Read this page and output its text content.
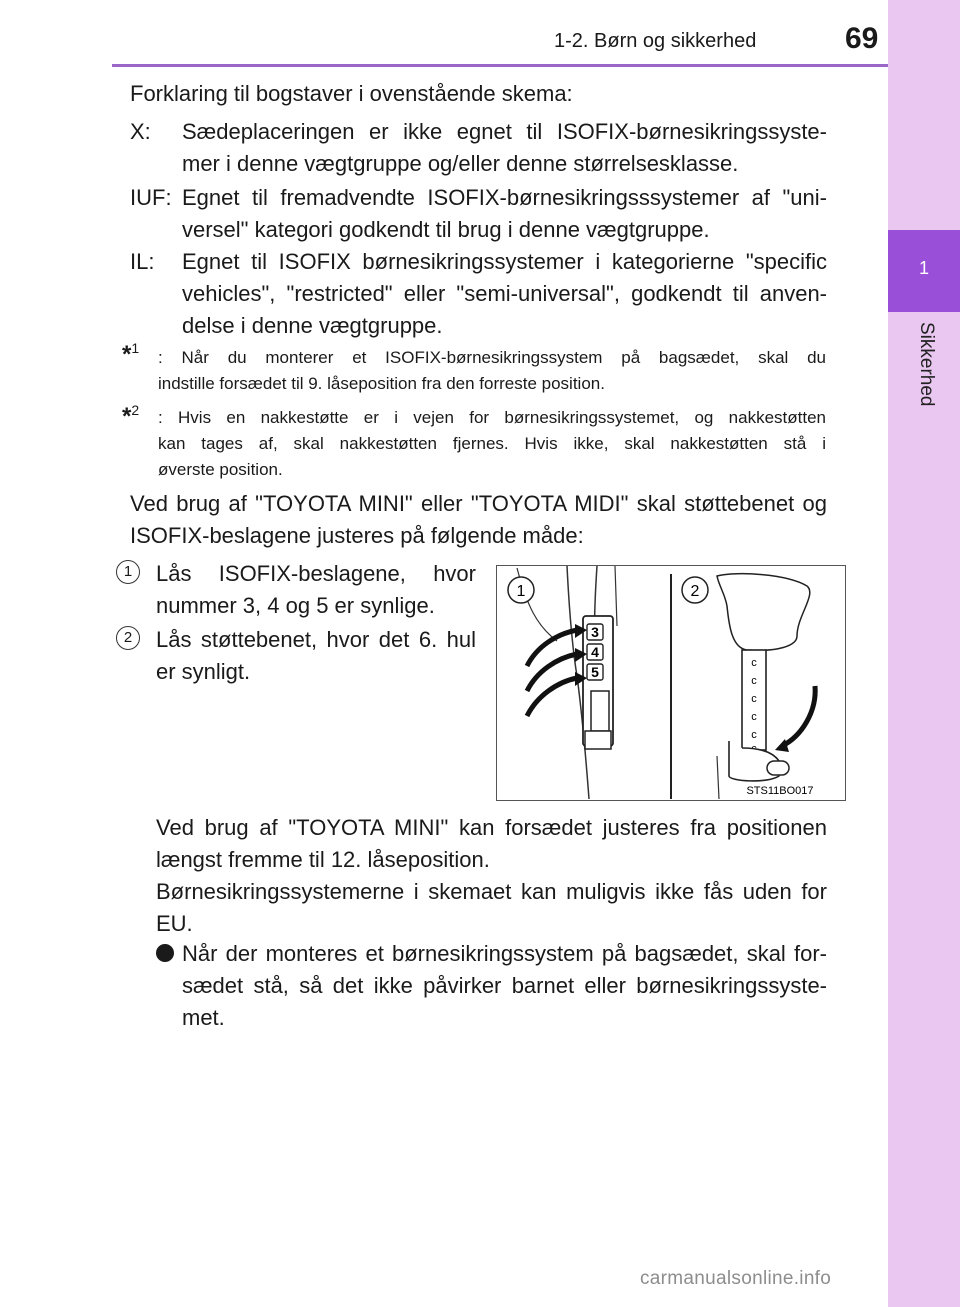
1-2. Børn og sikkerhed	69
1
Sikkerhed
Forklaring til bogstaver i ovenstående skema:
X: Sædeplaceringen er ikke egnet til ISOFIX-børnesikringssyste-
mer i denne vægtgruppe og/eller denne størrelsesklasse.
IUF: Egnet til fremadvendte ISOFIX-børnesikringsssystemer af "uni-
versel" kategori godkendt til brug i denne vægtgruppe.
IL: Egnet til ISOFIX børnesikringssystemer i kategorierne "specific
vehicles", "restricted" eller "semi-universal", godkendt til anven-
delse i denne vægtgruppe.
*$^1$ : Når du monterer et ISOFIX-børnesikringssystem på bagsædet, skal du
indstille forsædet til 9. låseposition fra den forreste position.
*$^2$ : Hvis en nakkestøtte er i vejen for børnesikringssystemet, og nakkestøtten
kan tages af, skal nakkestøtten fjernes. Hvis ikke, skal nakkestøtten stå i
øverste position.
Ved brug af "TOYOTA MINI" eller "TOYOTA MIDI" skal støttebenet og
ISOFIX-beslagene justeres på følgende måde:
1	Lås ISOFIX-beslagene, hvor
nummer 3, 4 og 5 er synlige.
2	Lås støttebenet, hvor det 6. hul
er synligt.
3
4
5
1	2
c
c
c
c
c
STS11BO017
Ved brug af "TOYOTA MINI" kan forsædet justeres fra positionen
længst fremme til 12. låseposition.
Børnesikringssystemerne i skemaet kan muligvis ikke fås uden for
EU.
Når der monteres et børnesikringssystem på bagsædet, skal for-
sædet stå, så det ikke påvirker barnet eller børnesikringssyste-
met.
carmanualsonline.info
